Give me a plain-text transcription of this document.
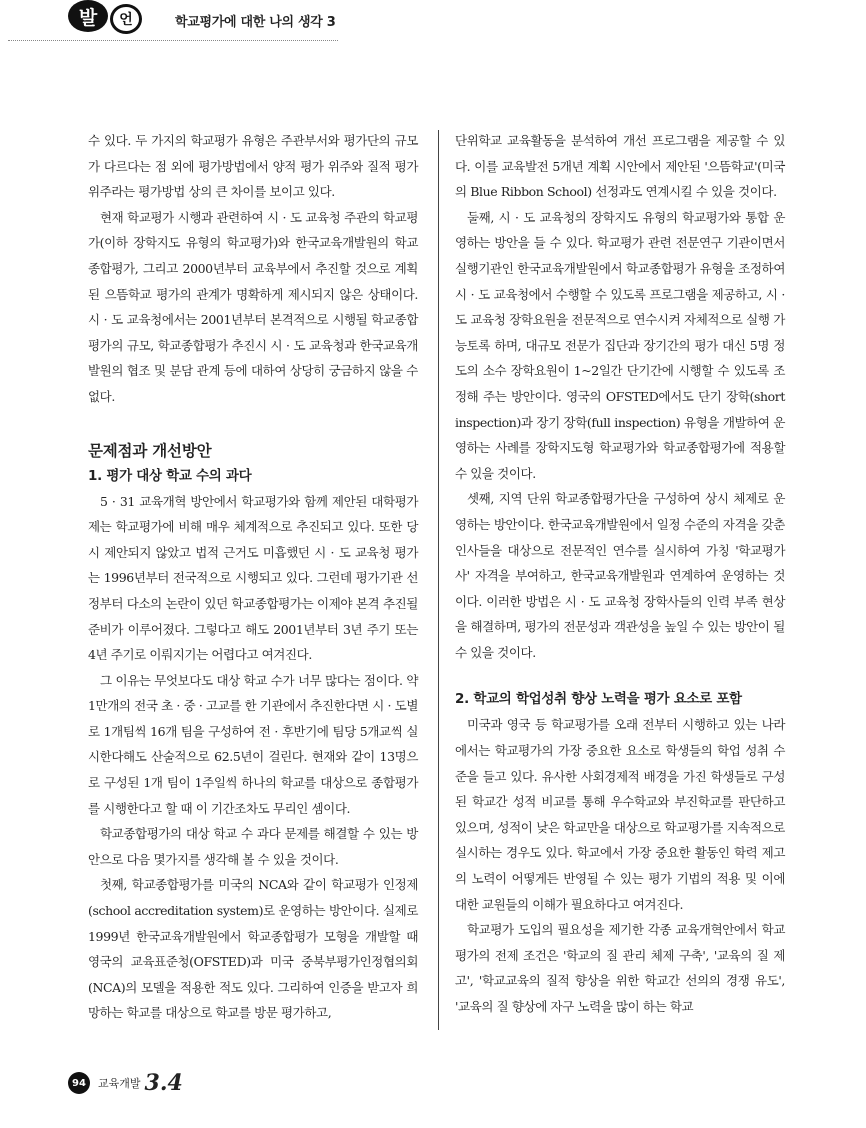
발	언	학교평가에 대한 나의 생각 3

수 있다. 두 가지의 학교평가 유형은 주관부서와 평가단의 규모가 다르다는 점 외에 평가방법에서 양적 평가 위주와 질적 평가 위주라는 평가방법 상의 큰 차이를 보이고 있다.

현재 학교평가 시행과 관련하여 시 · 도 교육청 주관의 학교평가(이하 장학지도 유형의 학교평가)와 한국교육개발원의 학교종합평가, 그리고 2000년부터 교육부에서 추진할 것으로 계획된 으뜸학교 평가의 관계가 명확하게 제시되지 않은 상태이다. 시 · 도 교육청에서는 2001년부터 본격적으로 시행될 학교종합평가의 규모, 학교종합평가 추진시 시 · 도 교육청과 한국교육개발원의 협조 및 분담 관계 등에 대하여 상당히 궁금하지 않을 수 없다.

문제점과 개선방안
1. 평가 대상 학교 수의 과다

5 · 31 교육개혁 방안에서 학교평가와 함께 제안된 대학평가제는 학교평가에 비해 매우 체계적으로 추진되고 있다. 또한 당시 제안되지 않았고 법적 근거도 미흡했던 시 · 도 교육청 평가는 1996년부터 전국적으로 시행되고 있다. 그런데 평가기관 선정부터 다소의 논란이 있던 학교종합평가는 이제야 본격 추진될 준비가 이루어졌다. 그렇다고 해도 2001년부터 3년 주기 또는 4년 주기로 이뤄지기는 어렵다고 여겨진다.

그 이유는 무엇보다도 대상 학교 수가 너무 많다는 점이다. 약 1만개의 전국 초 · 중 · 고교를 한 기관에서 추진한다면 시 · 도별로 1개팀씩 16개 팀을 구성하여 전 · 후반기에 팀당 5개교씩 실시한다해도 산술적으로 62.5년이 걸린다. 현재와 같이 13명으로 구성된 1개 팀이 1주일씩 하나의 학교를 대상으로 종합평가를 시행한다고 할 때 이 기간조차도 무리인 셈이다.

학교종합평가의 대상 학교 수 과다 문제를 해결할 수 있는 방안으로 다음 몇가지를 생각해 볼 수 있을 것이다.

첫째, 학교종합평가를 미국의 NCA와 같이 학교평가 인정제(school accreditation system)로 운영하는 방안이다. 실제로 1999년 한국교육개발원에서 학교종합평가 모형을 개발할 때 영국의 교육표준청(OFSTED)과 미국 중북부평가인정협의회(NCA)의 모델을 적용한 적도 있다. 그리하여 인증을 받고자 희망하는 학교를 대상으로 학교를 방문 평가하고,

단위학교 교육활동을 분석하여 개선 프로그램을 제공할 수 있다. 이를 교육발전 5개년 계획 시안에서 제안된 '으뜸학교'(미국의 Blue Ribbon School) 선정과도 연계시킬 수 있을 것이다.

둘째, 시 · 도 교육청의 장학지도 유형의 학교평가와 통합 운영하는 방안을 들 수 있다. 학교평가 관련 전문연구 기관이면서 실행기관인 한국교육개발원에서 학교종합평가 유형을 조정하여 시 · 도 교육청에서 수행할 수 있도록 프로그램을 제공하고, 시 · 도 교육청 장학요원을 전문적으로 연수시켜 자체적으로 실행 가능토록 하며, 대규모 전문가 집단과 장기간의 평가 대신 5명 정도의 소수 장학요원이 1~2일간 단기간에 시행할 수 있도록 조정해 주는 방안이다. 영국의 OFSTED에서도 단기 장학(short inspection)과 장기 장학(full inspection) 유형을 개발하여 운영하는 사례를 장학지도형 학교평가와 학교종합평가에 적용할 수 있을 것이다.

셋째, 지역 단위 학교종합평가단을 구성하여 상시 체제로 운영하는 방안이다. 한국교육개발원에서 일정 수준의 자격을 갖춘 인사들을 대상으로 전문적인 연수를 실시하여 가칭 '학교평가사' 자격을 부여하고, 한국교육개발원과 연계하여 운영하는 것이다. 이러한 방법은 시 · 도 교육청 장학사들의 인력 부족 현상을 해결하며, 평가의 전문성과 객관성을 높일 수 있는 방안이 될 수 있을 것이다.

2. 학교의 학업성취 향상 노력을 평가 요소로 포함

미국과 영국 등 학교평가를 오래 전부터 시행하고 있는 나라에서는 학교평가의 가장 중요한 요소로 학생들의 학업 성취 수준을 들고 있다. 유사한 사회경제적 배경을 가진 학생들로 구성된 학교간 성적 비교를 통해 우수학교와 부진학교를 판단하고 있으며, 성적이 낮은 학교만을 대상으로 학교평가를 지속적으로 실시하는 경우도 있다. 학교에서 가장 중요한 활동인 학력 제고의 노력이 어떻게든 반영될 수 있는 평가 기법의 적용 및 이에 대한 교원들의 이해가 필요하다고 여겨진다.

학교평가 도입의 필요성을 제기한 각종 교육개혁안에서 학교평가의 전제 조건은 '학교의 질 관리 체제 구축', '교육의 질 제고', '학교교육의 질적 향상을 위한 학교간 선의의 경쟁 유도', '교육의 질 향상에 자구 노력을 많이 하는 학교

94	교육개발 3.4
